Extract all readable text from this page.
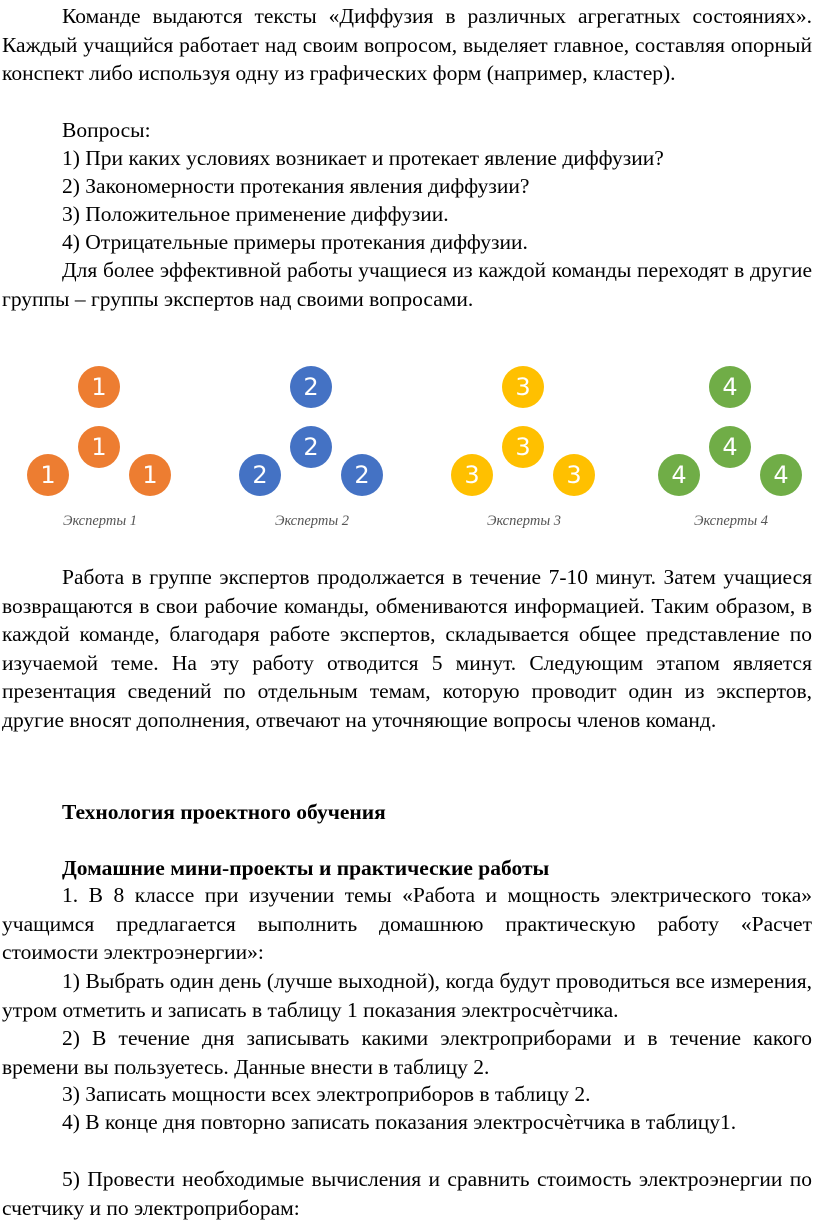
Команде выдаются тексты «Диффузия в различных агрегатных состояниях». Каждый учащийся работает над своим вопросом, выделяет главное, составляя опорный конспект либо используя одну из графических форм (например, кластер).

Вопросы:

1) При каких условиях возникает и протекает явление диффузии?

2) Закономерности протекания явления диффузии?

3) Положительное применение диффузии.

4) Отрицательные примеры протекания диффузии.

Для более эффективной работы учащиеся из каждой команды переходят в другие группы – группы экспертов над своими вопросами.

1
1
1	1
Эксперты 1
2
2
2	2
Эксперты 2
3
3
3	3
Эксперты 3
4
4
4	4
Эксперты 4

Работа в группе экспертов продолжается в течение 7-10 минут. Затем учащиеся возвращаются в свои рабочие команды, обмениваются информацией. Таким образом, в каждой команде, благодаря работе экспертов, складывается общее представление по изучаемой теме. На эту работу отводится 5 минут. Следующим этапом является презентация сведений по отдельным темам, которую проводит один из экспертов, другие вносят дополнения, отвечают на уточняющие вопросы членов команд.

Технология проектного обучения

Домашние мини-проекты и практические работы

1. В 8 классе при изучении темы «Работа и мощность электрического тока» учащимся предлагается выполнить домашнюю практическую работу «Расчет стоимости электроэнергии»:

1) Выбрать один день (лучше выходной), когда будут проводиться все измерения, утром отметить и записать в таблицу 1 показания электросчѐтчика.

2) В течение дня записывать какими электроприборами и в течение какого времени вы пользуетесь. Данные внести в таблицу 2.

3) Записать мощности всех электроприборов в таблицу 2.

4) В конце дня повторно записать показания электросчѐтчика в таблицу1.

5) Провести необходимые вычисления и сравнить стоимость электроэнергии по счетчику и по электроприборам:
